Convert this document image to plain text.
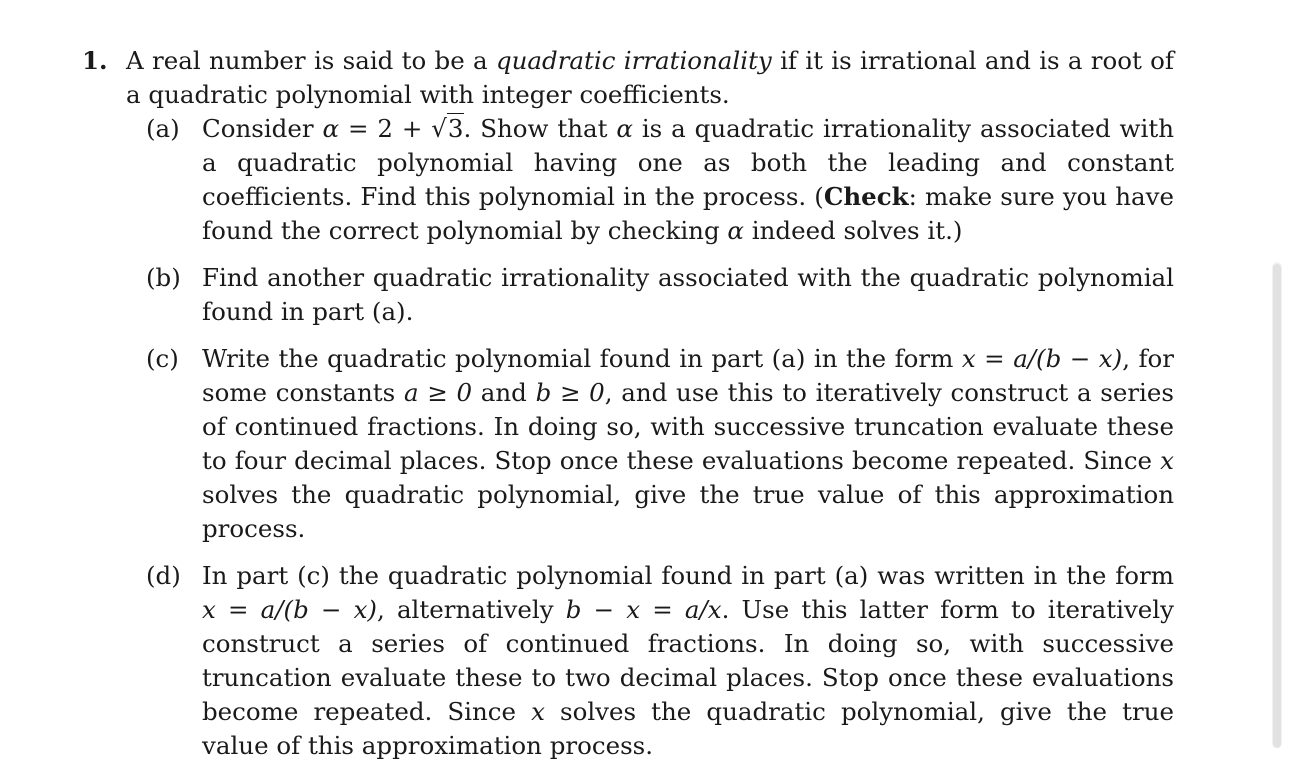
1. A real number is said to be a quadratic irrationality if it is irrational and is a root of a quadratic polynomial with integer coefficients.
(a) Consider α = 2 + √3. Show that α is a quadratic irrationality associated with a quadratic polynomial having one as both the leading and constant coefficients. Find this polynomial in the process. (Check: make sure you have found the correct polynomial by checking α indeed solves it.)
(b) Find another quadratic irrationality associated with the quadratic polynomial found in part (a).
(c) Write the quadratic polynomial found in part (a) in the form x = a/(b − x), for some constants a ≥ 0 and b ≥ 0, and use this to iteratively construct a series of continued fractions. In doing so, with successive truncation evaluate these to four decimal places. Stop once these evaluations become repeated. Since x solves the quadratic polynomial, give the true value of this approximation process.
(d) In part (c) the quadratic polynomial found in part (a) was written in the form x = a/(b − x), alternatively b − x = a/x. Use this latter form to iteratively construct a series of continued fractions. In doing so, with successive truncation evaluate these to two decimal places. Stop once these evaluations become repeated. Since x solves the quadratic polynomial, give the true value of this approximation process.
